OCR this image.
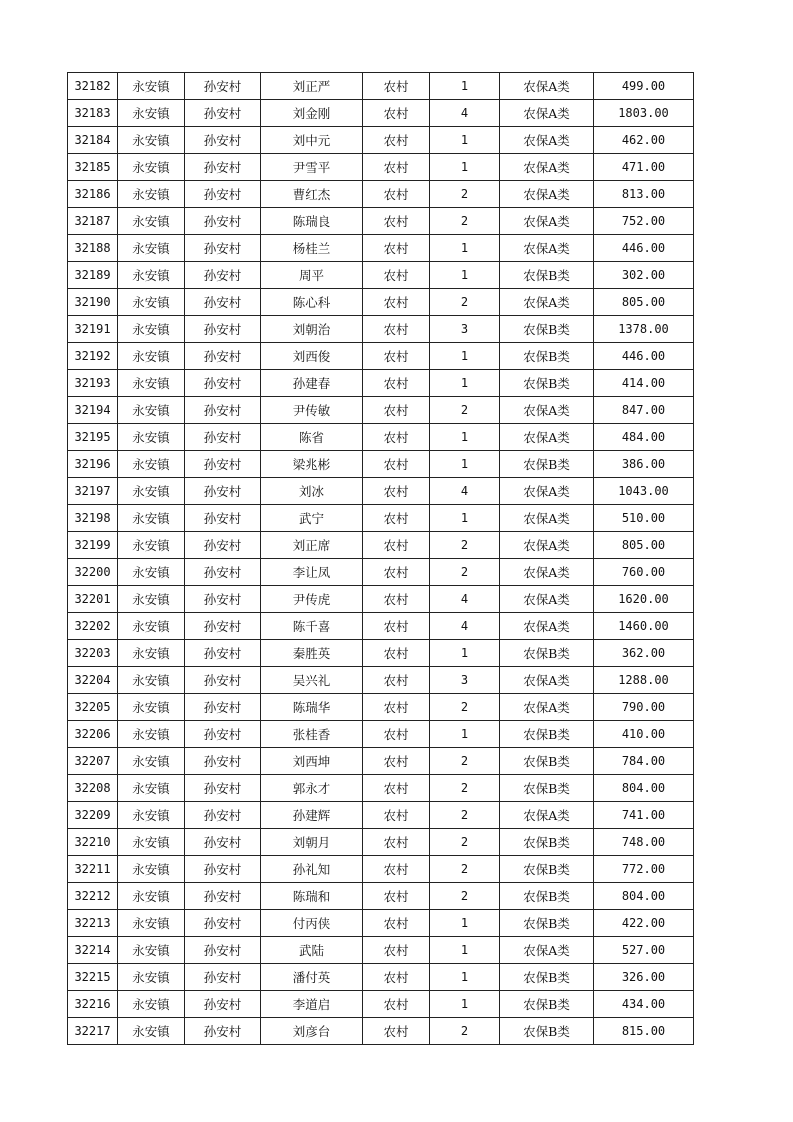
32182	永安镇	孙安村	刘正严	农村	1	农保A类	499.00
32183	永安镇	孙安村	刘金刚	农村	4	农保A类	1803.00
32184	永安镇	孙安村	刘中元	农村	1	农保A类	462.00
32185	永安镇	孙安村	尹雪平	农村	1	农保A类	471.00
32186	永安镇	孙安村	曹红杰	农村	2	农保A类	813.00
32187	永安镇	孙安村	陈瑞良	农村	2	农保A类	752.00
32188	永安镇	孙安村	杨桂兰	农村	1	农保A类	446.00
32189	永安镇	孙安村	周平	农村	1	农保B类	302.00
32190	永安镇	孙安村	陈心科	农村	2	农保A类	805.00
32191	永安镇	孙安村	刘朝治	农村	3	农保B类	1378.00
32192	永安镇	孙安村	刘西俊	农村	1	农保B类	446.00
32193	永安镇	孙安村	孙建春	农村	1	农保B类	414.00
32194	永安镇	孙安村	尹传敏	农村	2	农保A类	847.00
32195	永安镇	孙安村	陈省	农村	1	农保A类	484.00
32196	永安镇	孙安村	梁兆彬	农村	1	农保B类	386.00
32197	永安镇	孙安村	刘冰	农村	4	农保A类	1043.00
32198	永安镇	孙安村	武宁	农村	1	农保A类	510.00
32199	永安镇	孙安村	刘正席	农村	2	农保A类	805.00
32200	永安镇	孙安村	李让凤	农村	2	农保A类	760.00
32201	永安镇	孙安村	尹传虎	农村	4	农保A类	1620.00
32202	永安镇	孙安村	陈千喜	农村	4	农保A类	1460.00
32203	永安镇	孙安村	秦胜英	农村	1	农保B类	362.00
32204	永安镇	孙安村	吴兴礼	农村	3	农保A类	1288.00
32205	永安镇	孙安村	陈瑞华	农村	2	农保A类	790.00
32206	永安镇	孙安村	张桂香	农村	1	农保B类	410.00
32207	永安镇	孙安村	刘西坤	农村	2	农保B类	784.00
32208	永安镇	孙安村	郭永才	农村	2	农保B类	804.00
32209	永安镇	孙安村	孙建辉	农村	2	农保A类	741.00
32210	永安镇	孙安村	刘朝月	农村	2	农保B类	748.00
32211	永安镇	孙安村	孙礼知	农村	2	农保B类	772.00
32212	永安镇	孙安村	陈瑞和	农村	2	农保B类	804.00
32213	永安镇	孙安村	付丙侠	农村	1	农保B类	422.00
32214	永安镇	孙安村	武陆	农村	1	农保A类	527.00
32215	永安镇	孙安村	潘付英	农村	1	农保B类	326.00
32216	永安镇	孙安村	李道启	农村	1	农保B类	434.00
32217	永安镇	孙安村	刘彦台	农村	2	农保B类	815.00
